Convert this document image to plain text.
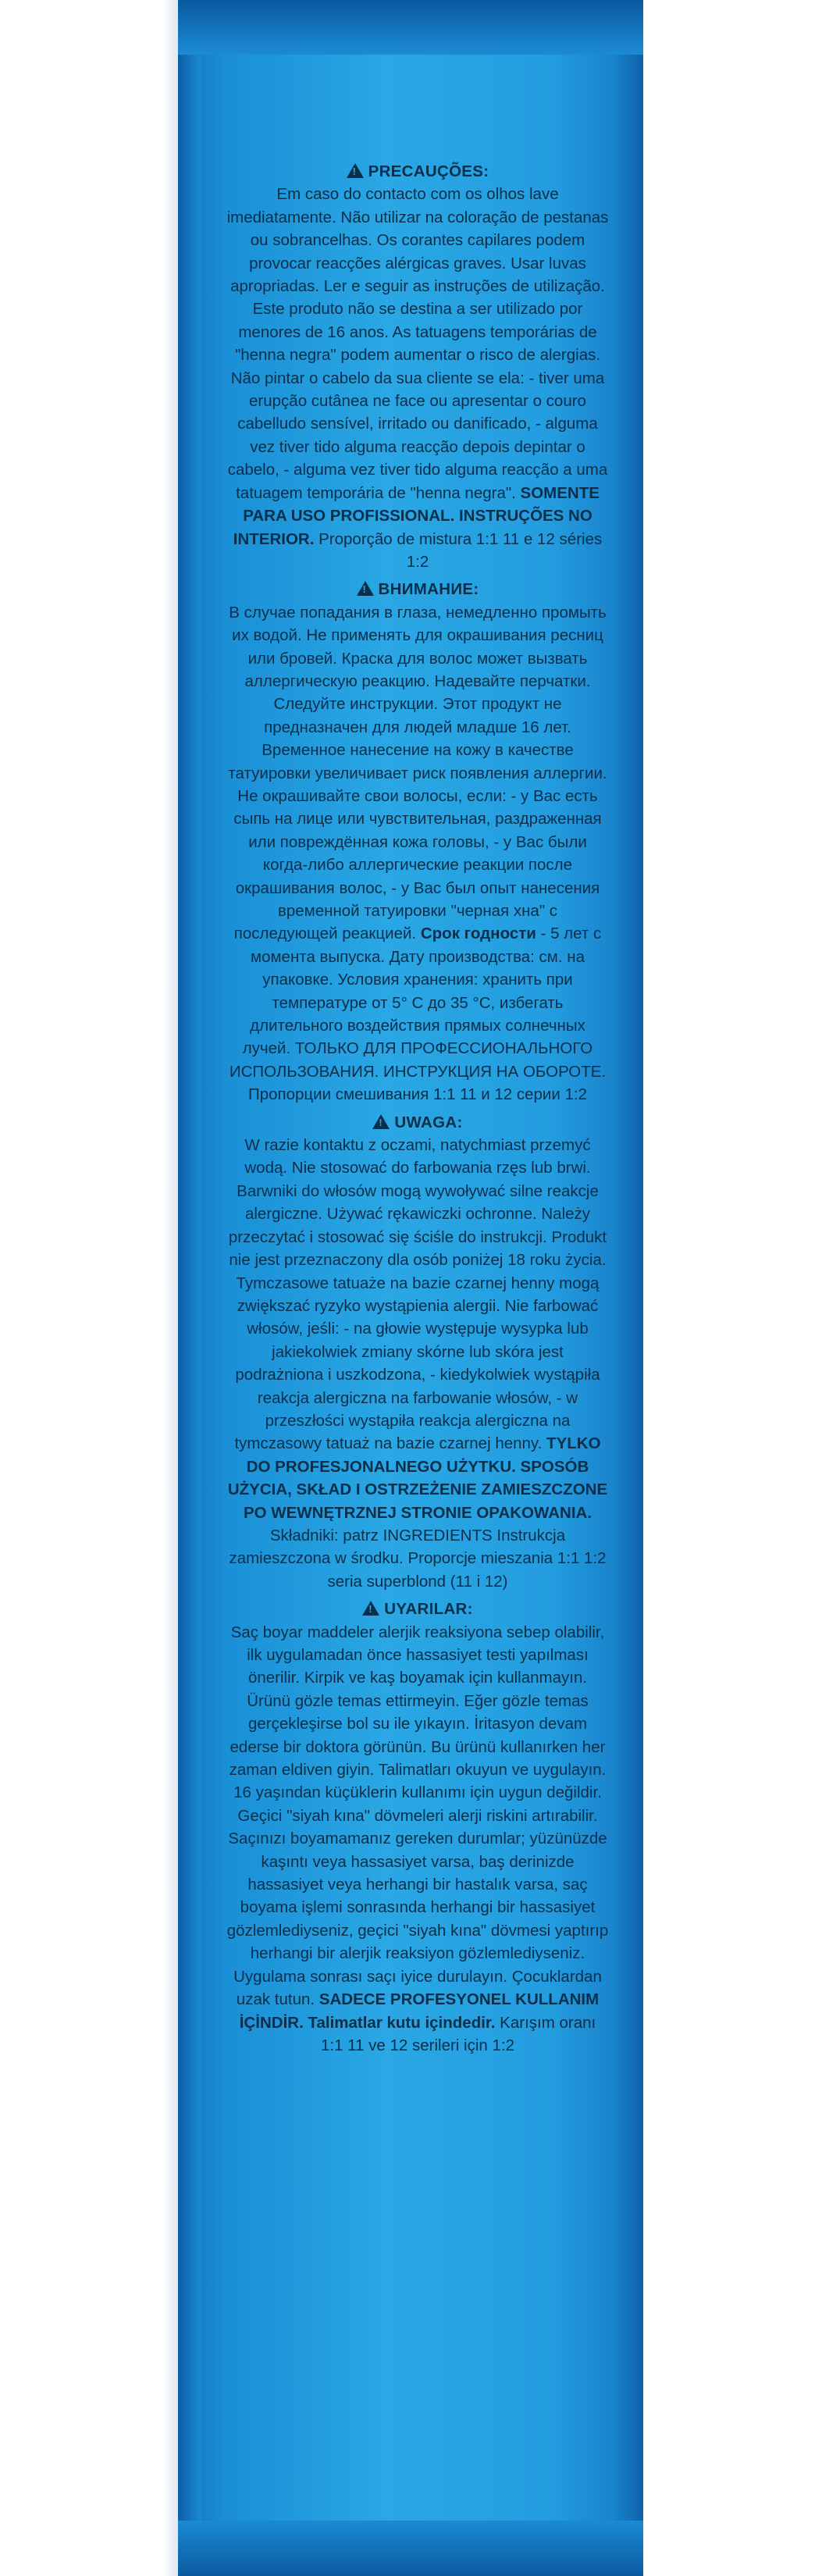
!PRECAUÇÕES:
Em caso do contacto com os olhos lave imediatamente. Não utilizar na coloração de pestanas ou sobrancelhas. Os corantes capilares podem provocar reacções alérgicas graves. Usar luvas apropriadas. Ler e seguir as instruções de utilização. Este produto não se destina a ser utilizado por menores de 16 anos. As tatuagens temporárias de "henna negra" podem aumentar o risco de alergias. Não pintar o cabelo da sua cliente se ela: - tiver uma erupção cutânea ne face ou apresentar o couro cabelludo sensível, irritado ou danificado, - alguma vez tiver tido alguma reacção depois depintar o cabelo, - alguma vez tiver tido alguma reacção a uma tatuagem temporária de "henna negra". SOMENTE PARA USO PROFISSIONAL. INSTRUÇÕES NO INTERIOR. Proporção de mistura 1:1 11 e 12 séries 1:2
!ВНИМАНИЕ:
В случае попадания в глаза, немедленно промыть их водой. Не применять для окрашивания ресниц или бровей. Краска для волос может вызвать аллергическую реакцию. Надевайте перчатки. Следуйте инструкции. Этот продукт не предназначен для людей младше 16 лет. Временное нанесение на кожу в качестве татуировки увеличивает риск появления аллергии. Не окрашивайте свои волосы, если: - у Вас есть сыпь на лице или чувствительная, раздраженная или повреждённая кожа головы, - у Вас были когда-либо аллергические реакции после окрашивания волос, - у Вас был опыт нанесения временной татуировки "черная хна" с последующей реакцией. Срок годности - 5 лет с момента выпуска. Дату производства: см. на упаковке. Условия хранения: хранить при температуре от 5° С до 35 °С, избегать длительного воздействия прямых солнечных лучей. ТОЛЬКО ДЛЯ ПРОФЕССИОНАЛЬНОГО ИСПОЛЬЗОВАНИЯ. ИНСТРУКЦИЯ НА ОБОРОТЕ. Пропорции смешивания 1:1 11 и 12 серии 1:2
!UWAGA:
W razie kontaktu z oczami, natychmiast przemyć wodą. Nie stosować do farbowania rzęs lub brwi. Barwniki do włosów mogą wywoływać silne reakcje alergiczne. Używać rękawiczki ochronne. Należy przeczytać i stosować się ściśle do instrukcji. Produkt nie jest przeznaczony dla osób poniżej 18 roku życia. Tymczasowe tatuaże na bazie czarnej henny mogą zwiększać ryzyko wystąpienia alergii. Nie farbować włosów, jeśli: - na głowie występuje wysypka lub jakiekolwiek zmiany skórne lub skóra jest podrażniona i uszkodzona, - kiedykolwiek wystąpiła reakcja alergiczna na farbowanie włosów, - w przeszłości wystąpiła reakcja alergiczna na tymczasowy tatuaż na bazie czarnej henny. TYLKO DO PROFESJONALNEGO UŻYTKU. SPOSÓB UŻYCIA, SKŁAD I OSTRZEŻENIE ZAMIESZCZONE PO WEWNĘTRZNEJ STRONIE OPAKOWANIA. Składniki: patrz INGREDIENTS Instrukcja zamieszczona w środku. Proporcje mieszania 1:1 1:2 seria superblond (11 i 12)
!UYARILAR:
Saç boyar maddeler alerjik reaksiyona sebep olabilir, ilk uygulamadan önce hassasiyet testi yapılması önerilir. Kirpik ve kaş boyamak için kullanmayın. Ürünü gözle temas ettirmeyin. Eğer gözle temas gerçekleşirse bol su ile yıkayın. İritasyon devam ederse bir doktora görünün. Bu ürünü kullanırken her zaman eldiven giyin. Talimatları okuyun ve uygulayın. 16 yaşından küçüklerin kullanımı için uygun değildir. Geçici "siyah kına" dövmeleri alerji riskini artırabilir. Saçınızı boyamamanız gereken durumlar; yüzünüzde kaşıntı veya hassasiyet varsa, baş derinizde hassasiyet veya herhangi bir hastalık varsa, saç boyama işlemi sonrasında herhangi bir hassasiyet gözlemlediyseniz, geçici "siyah kına" dövmesi yaptırıp herhangi bir alerjik reaksiyon gözlemlediyseniz. Uygulama sonrası saçı iyice durulayın. Çocuklardan uzak tutun. SADECE PROFESYONEL KULLANIM İÇİNDİR. Talimatlar kutu içindedir. Karışım oranı 1:1 11 ve 12 serileri için 1:2
